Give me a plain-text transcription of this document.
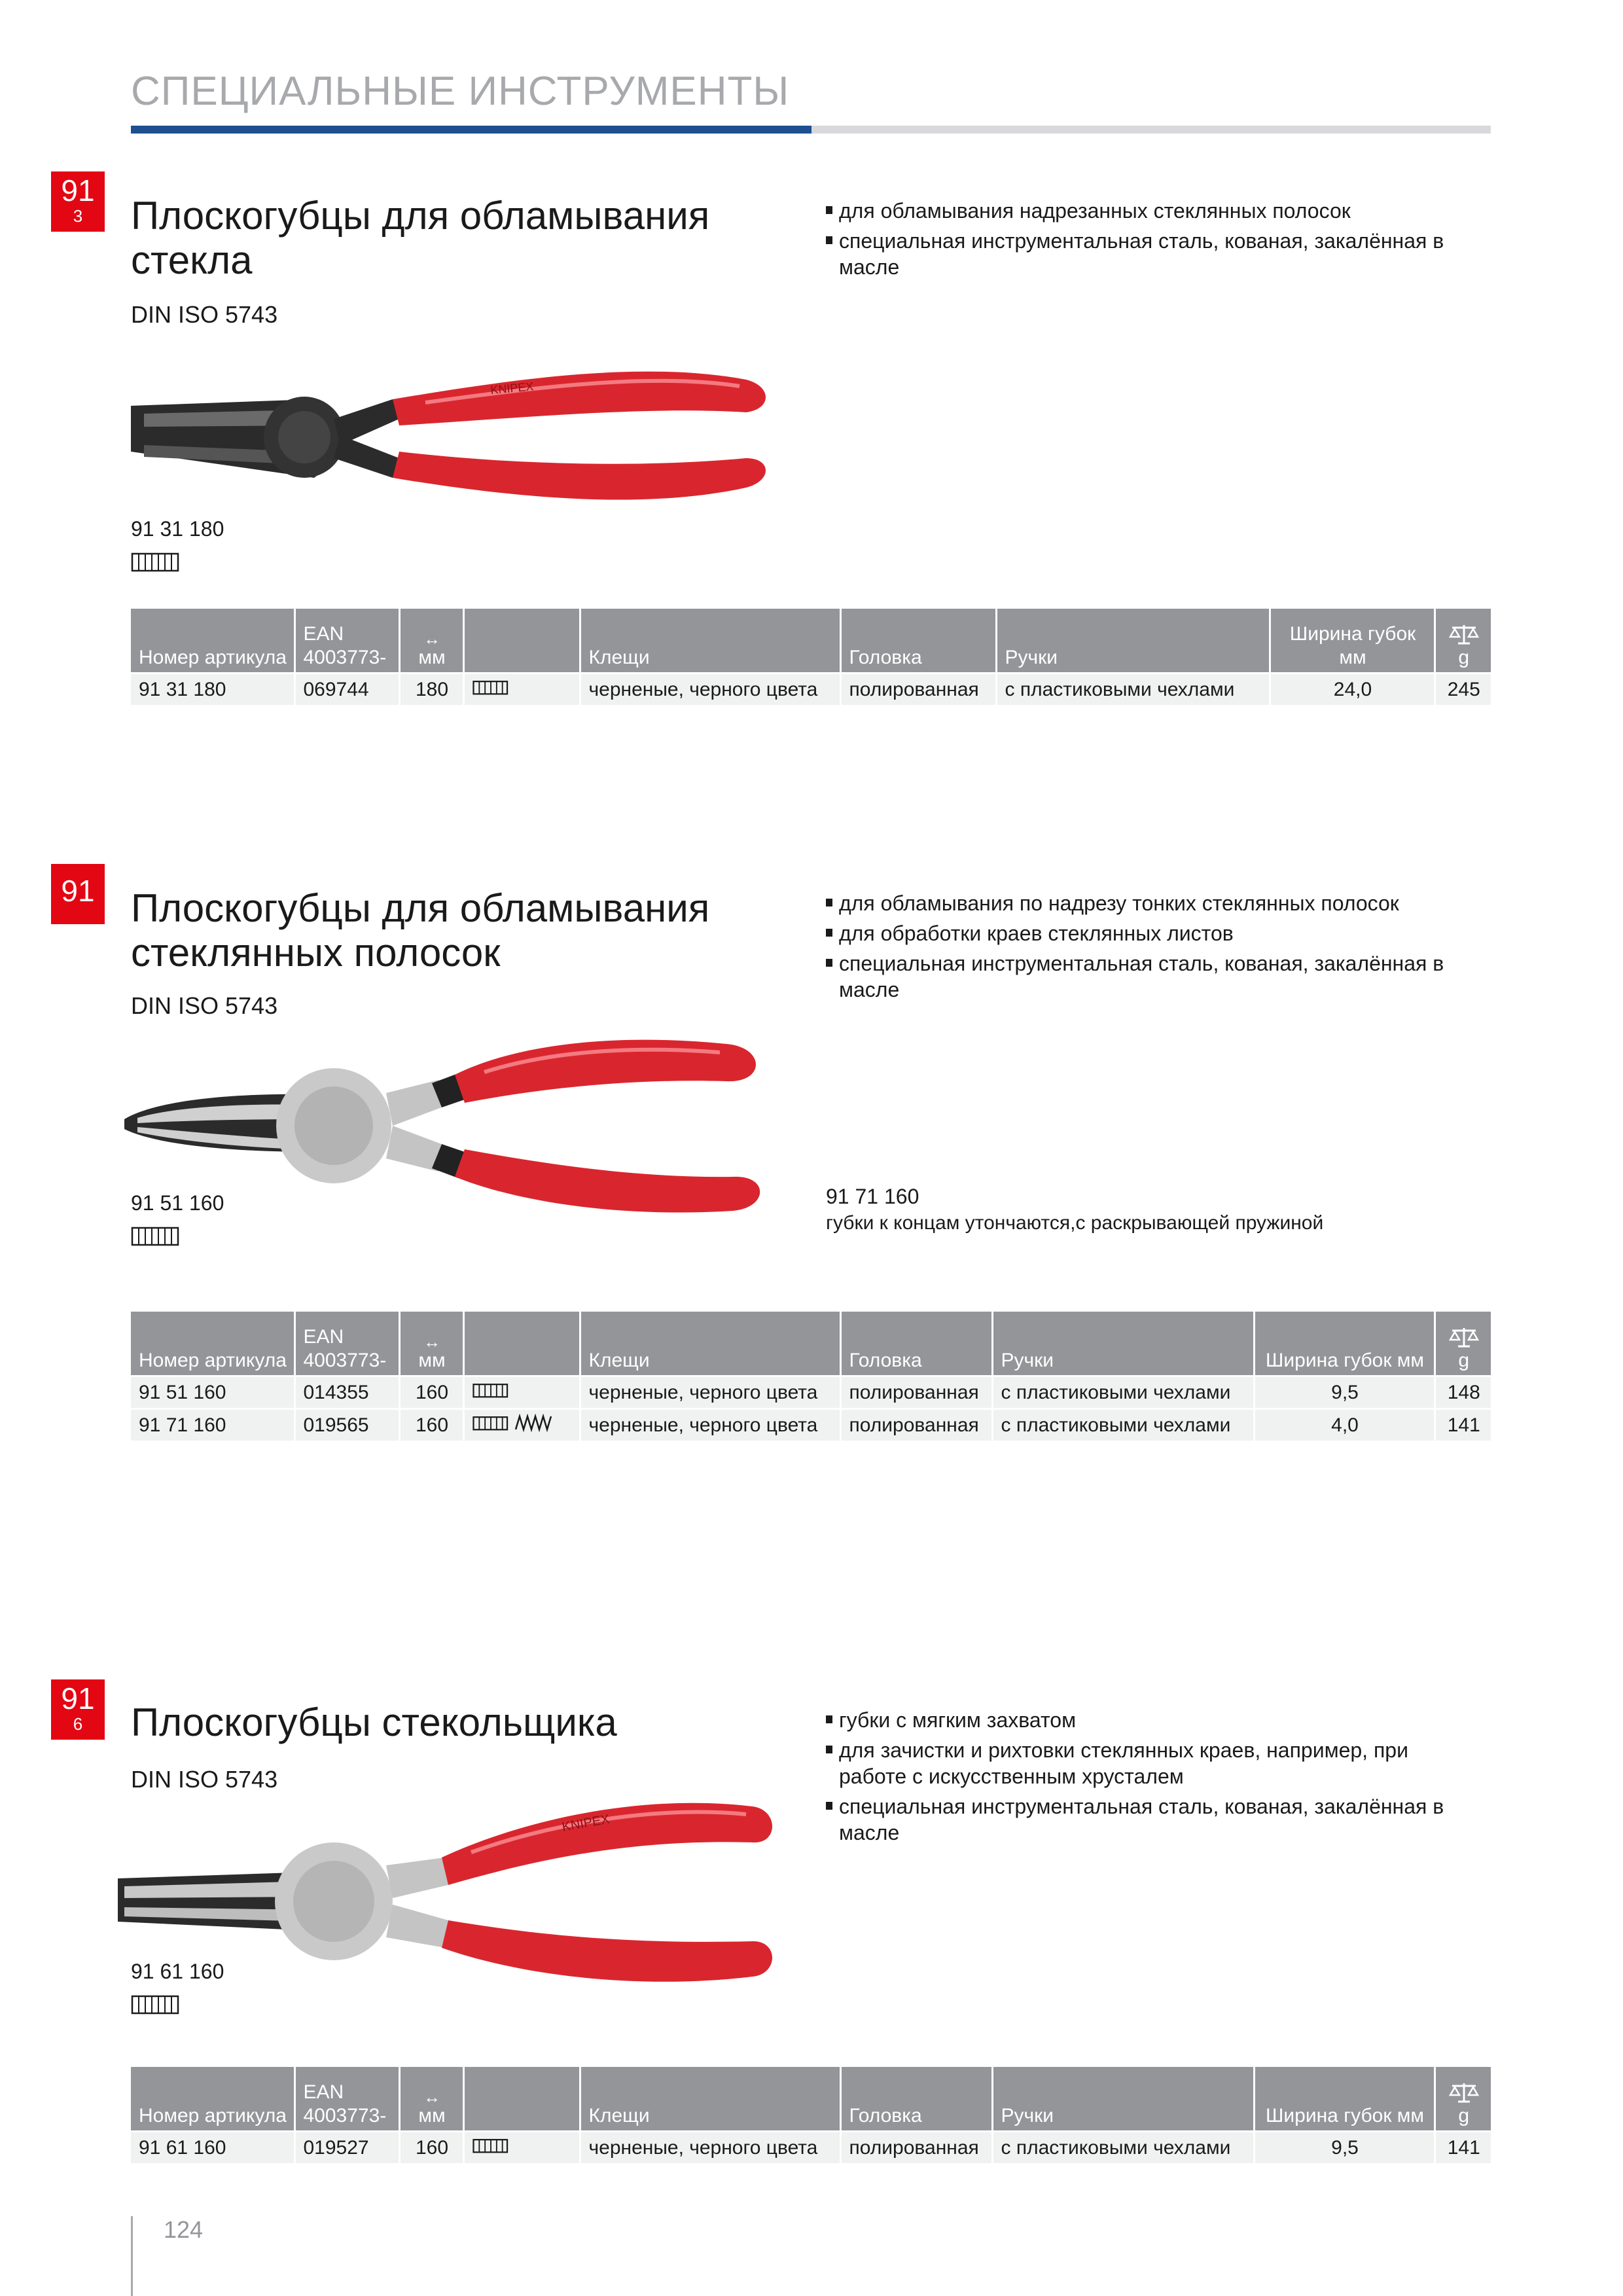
СПЕЦИАЛЬНЫЕ ИНСТРУМЕНТЫ
91
3	Плоскогубцы для обламывания
стекла
DIN ISO 5743
для обламывания надрезанных стеклянных полосок
специальная инструментальная сталь, кованая, закалённая в масле
KNIPEX
91 31 180
Номер артикула	EAN 4003773-	↔
мм		Клещи	Головка	Ручки	Ширина губок мм	g

91 31 180	069744	180		черненые, черного цвета	полированная	с пластиковыми чехлами	24,0	245
91 Плоскогубцы для обламывания
стеклянных полосок
DIN ISO 5743
для обламывания по надрезу тонких стеклянных полосок
для обработки краев стеклянных листов
специальная инструментальная сталь, кованая, закалённая в масле
91 51 160	91 71 160
губки к концам утончаются,с раскрывающей пружиной
Номер артикула	EAN 4003773-	↔
мм		Клещи	Головка	Ручки	Ширина губок мм	g

91 51 160	014355	160		черненые, черного цвета	полированная	с пластиковыми чехлами	9,5	148
91 71 160	019565	160		черненые, черного цвета	полированная	с пластиковыми чехлами	4,0	141
91
6	Плоскогубцы стекольщика
DIN ISO 5743
губки с мягким захватом
для зачистки и рихтовки стеклянных краев, например, при работе с искусственным хрусталем
специальная инструментальная сталь, кованая, закалённая в масле
KNIPEX
91 61 160
Номер артикула	EAN 4003773-	↔
мм		Клещи	Головка	Ручки	Ширина губок мм	g

91 61 160	019527	160		черненые, черного цвета	полированная	с пластиковыми чехлами	9,5	141
124
